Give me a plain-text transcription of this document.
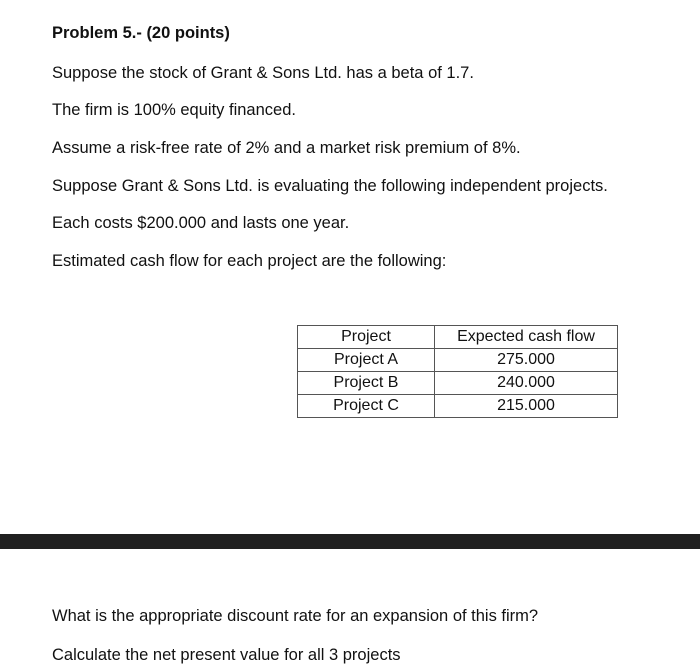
Problem 5.- (20 points)
Suppose the stock of Grant & Sons Ltd. has a beta of 1.7.
The firm is 100% equity financed.
Assume a risk-free rate of 2% and a market risk premium of 8%.
Suppose Grant & Sons Ltd. is evaluating the following independent projects.
Each costs $200.000 and lasts one year.
Estimated cash flow for each project are the following:
Project	Expected cash flow
Project A	275.000
Project B	240.000
Project C	215.000
What is the appropriate discount rate for an expansion of this firm?
Calculate the net present value for all 3 projects
